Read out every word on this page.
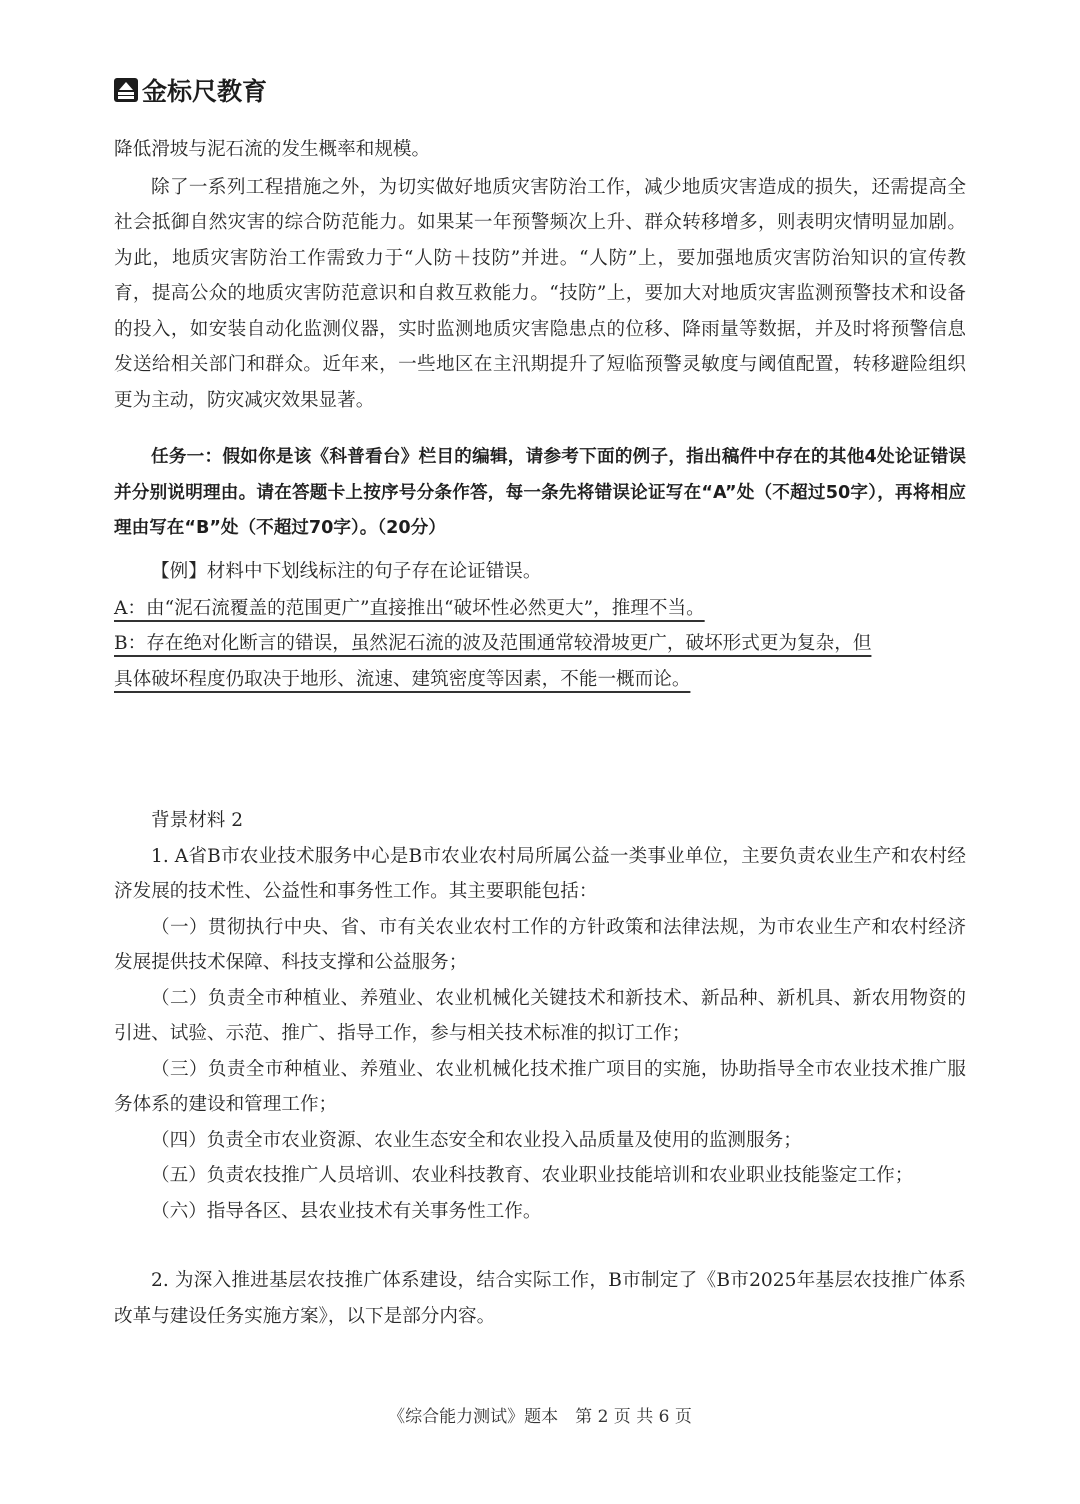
金标尺教育

降低滑坡与泥石流的发生概率和规模。

除了一系列工程措施之外，为切实做好地质灾害防治工作，减少地质灾害造成的损失，还需提高全社会抵御自然灾害的综合防范能力。如果某一年预警频次上升、群众转移增多，则表明灾情明显加剧。为此，地质灾害防治工作需致力于“人防＋技防”并进。“人防”上，要加强地质灾害防治知识的宣传教育，提高公众的地质灾害防范意识和自救互救能力。“技防”上，要加大对地质灾害监测预警技术和设备的投入，如安装自动化监测仪器，实时监测地质灾害隐患点的位移、降雨量等数据，并及时将预警信息发送给相关部门和群众。近年来，一些地区在主汛期提升了短临预警灵敏度与阈值配置，转移避险组织更为主动，防灾减灾效果显著。

任务一：假如你是该《科普看台》栏目的编辑，请参考下面的例子，指出稿件中存在的其他4处论证错误并分别说明理由。请在答题卡上按序号分条作答，每一条先将错误论证写在“A”处（不超过50字），再将相应理由写在“B”处（不超过70字）。（20分）

【例】材料中下划线标注的句子存在论证错误。

A：由“泥石流覆盖的范围更广”直接推出“破坏性必然更大”，推理不当。

B：存在绝对化断言的错误，虽然泥石流的波及范围通常较滑坡更广，破坏形式更为复杂，但

具体破坏程度仍取决于地形、流速、建筑密度等因素，不能一概而论。

背景材料 2

1. A省B市农业技术服务中心是B市农业农村局所属公益一类事业单位，主要负责农业生产和农村经济发展的技术性、公益性和事务性工作。其主要职能包括：

（一）贯彻执行中央、省、市有关农业农村工作的方针政策和法律法规，为市农业生产和农村经济发展提供技术保障、科技支撑和公益服务；

（二）负责全市种植业、养殖业、农业机械化关键技术和新技术、新品种、新机具、新农用物资的引进、试验、示范、推广、指导工作，参与相关技术标准的拟订工作；

（三）负责全市种植业、养殖业、农业机械化技术推广项目的实施，协助指导全市农业技术推广服务体系的建设和管理工作；

（四）负责全市农业资源、农业生态安全和农业投入品质量及使用的监测服务；

（五）负责农技推广人员培训、农业科技教育、农业职业技能培训和农业职业技能鉴定工作；

（六）指导各区、县农业技术有关事务性工作。

2. 为深入推进基层农技推广体系建设，结合实际工作，B市制定了《B市2025年基层农技推广体系改革与建设任务实施方案》，以下是部分内容。

《综合能力测试》题本　第 2 页 共 6 页
